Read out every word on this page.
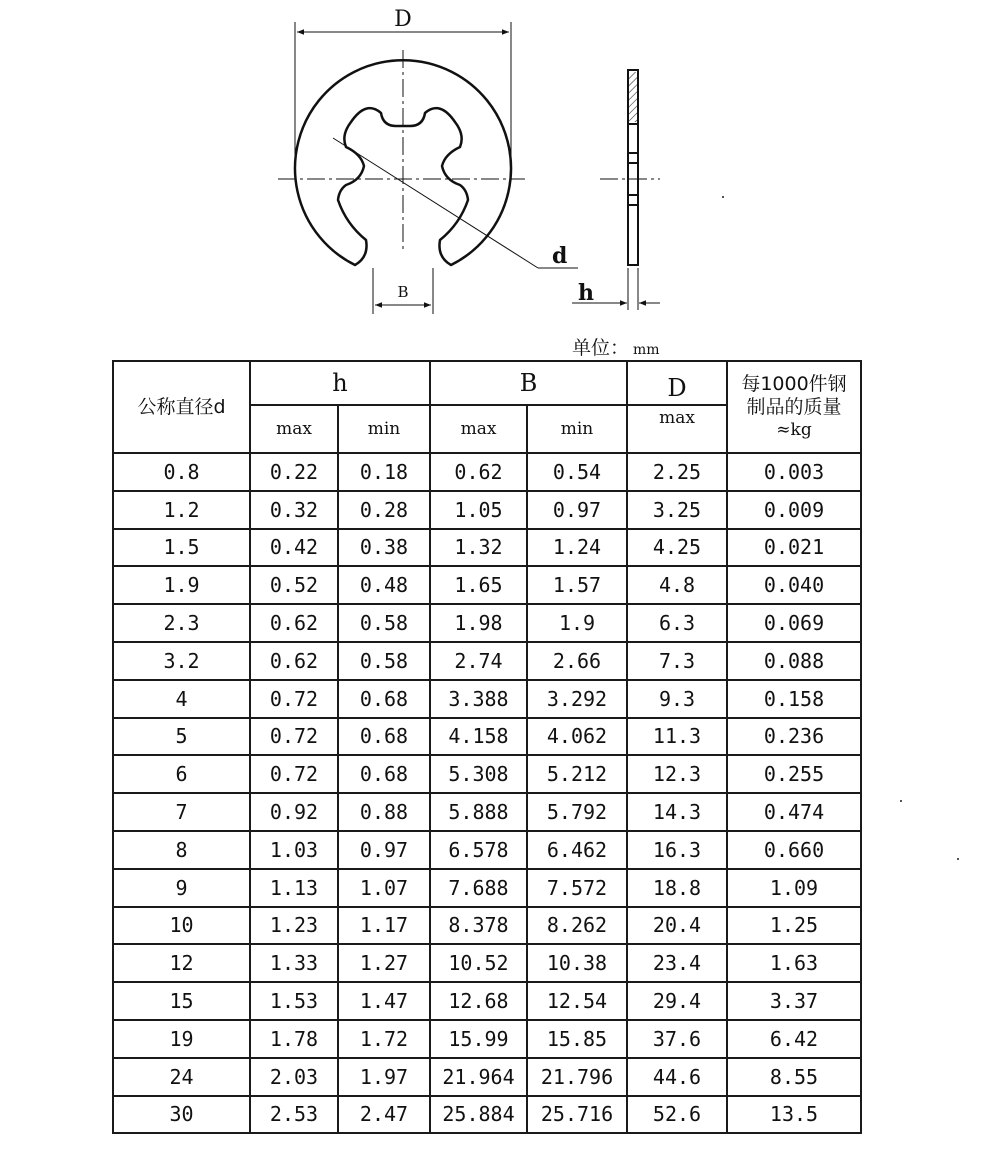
D
d
B	h
单位： mm
公称直径d	h		B		D	每1000件钢
制品的质量
≈kg

	max	min	max	min	max	
0.8	0.22	0.18	0.62	0.54	2.25	0.003
1.2	0.32	0.28	1.05	0.97	3.25	0.009
1.5	0.42	0.38	1.32	1.24	4.25	0.021
1.9	0.52	0.48	1.65	1.57	4.8	0.040
2.3	0.62	0.58	1.98	1.9	6.3	0.069
3.2	0.62	0.58	2.74	2.66	7.3	0.088
4	0.72	0.68	3.388	3.292	9.3	0.158
5	0.72	0.68	4.158	4.062	11.3	0.236
6	0.72	0.68	5.308	5.212	12.3	0.255
7	0.92	0.88	5.888	5.792	14.3	0.474
8	1.03	0.97	6.578	6.462	16.3	0.660
9	1.13	1.07	7.688	7.572	18.8	1.09
10	1.23	1.17	8.378	8.262	20.4	1.25
12	1.33	1.27	10.52	10.38	23.4	1.63
15	1.53	1.47	12.68	12.54	29.4	3.37
19	1.78	1.72	15.99	15.85	37.6	6.42
24	2.03	1.97	21.964	21.796	44.6	8.55
30	2.53	2.47	25.884	25.716	52.6	13.5
